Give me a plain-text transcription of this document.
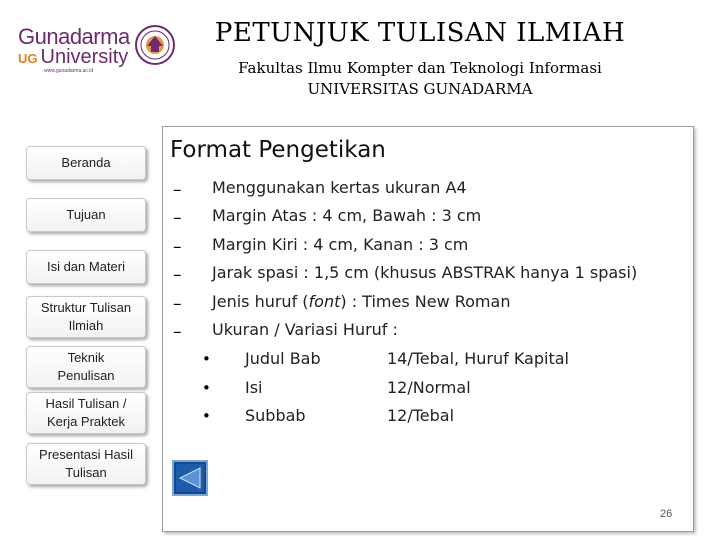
Gunadarma
UG University
www.gunadarma.ac.id
PETUNJUK TULISAN ILMIAH
Fakultas Ilmu Kompter dan Teknologi Informasi
UNIVERSITAS GUNADARMA
Beranda
Tujuan
Isi dan Materi
Struktur Tulisan Ilmiah
Teknik Penulisan
Hasil Tulisan / Kerja Praktek
Presentasi Hasil Tulisan
Format Pengetikan
– Menggunakan kertas ukuran A4
– Margin Atas : 4 cm, Bawah : 3 cm
– Margin Kiri : 4 cm, Kanan : 3 cm
– Jarak spasi : 1,5 cm (khusus ABSTRAK hanya 1 spasi)
– Jenis huruf (font) : Times New Roman
– Ukuran / Variasi Huruf :
• Judul Bab	14/Tebal, Huruf Kapital
• Isi	12/Normal
• Subbab	12/Tebal
26
